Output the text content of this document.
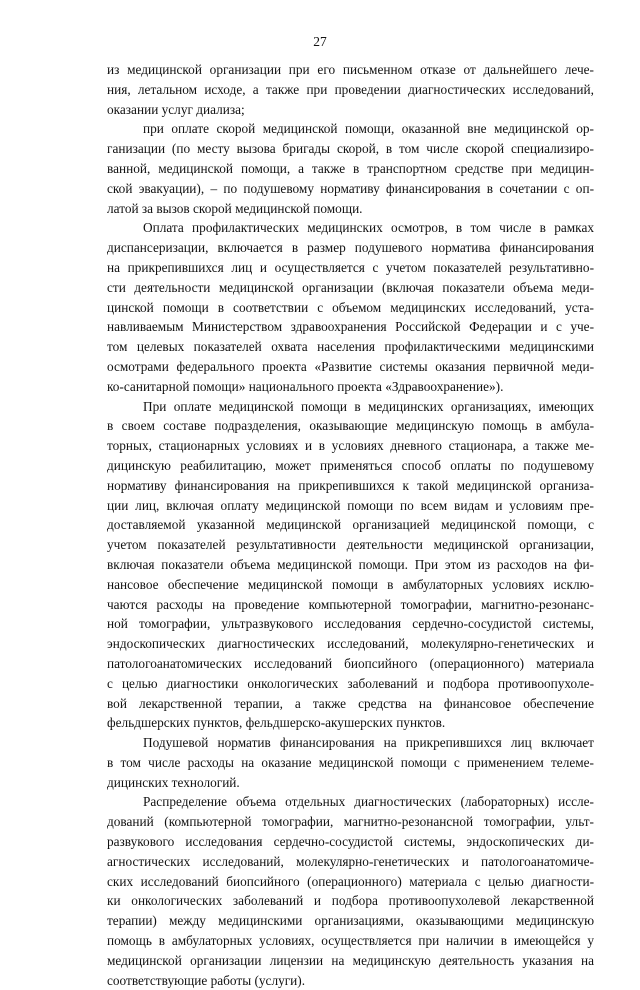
27
из медицинской организации при его письменном отказе от дальнейшего лече-
ния, летальном исходе, а также при проведении диагностических исследований,
оказании услуг диализа;
при оплате скорой медицинской помощи, оказанной вне медицинской ор-
ганизации (по месту вызова бригады скорой, в том числе скорой специализиро-
ванной, медицинской помощи, а также в транспортном средстве при медицин-
ской эвакуации), – по подушевому нормативу финансирования в сочетании с оп-
латой за вызов скорой медицинской помощи.
Оплата профилактических медицинских осмотров, в том числе в рамках
диспансеризации, включается в размер подушевого норматива финансирования
на прикрепившихся лиц и осуществляется с учетом показателей результативно-
сти деятельности медицинской организации (включая показатели объема меди-
цинской помощи в соответствии с объемом медицинских исследований, уста-
навливаемым Министерством здравоохранения Российской Федерации и с уче-
том целевых показателей охвата населения профилактическими медицинскими
осмотрами федерального проекта «Развитие системы оказания первичной меди-
ко-санитарной помощи» национального проекта «Здравоохранение»).
При оплате медицинской помощи в медицинских организациях, имеющих
в своем составе подразделения, оказывающие медицинскую помощь в амбула-
торных, стационарных условиях и в условиях дневного стационара, а также ме-
дицинскую реабилитацию, может применяться способ оплаты по подушевому
нормативу финансирования на прикрепившихся к такой медицинской организа-
ции лиц, включая оплату медицинской помощи по всем видам и условиям пре-
доставляемой указанной медицинской организацией медицинской помощи, с
учетом показателей результативности деятельности медицинской организации,
включая показатели объема медицинской помощи. При этом из расходов на фи-
нансовое обеспечение медицинской помощи в амбулаторных условиях исклю-
чаются расходы на проведение компьютерной томографии, магнитно-резонанс-
ной томографии, ультразвукового исследования сердечно-сосудистой системы,
эндоскопических диагностических исследований, молекулярно-генетических и
патологоанатомических исследований биопсийного (операционного) материала
с целью диагностики онкологических заболеваний и подбора противоопухоле-
вой лекарственной терапии, а также средства на финансовое обеспечение
фельдшерских пунктов, фельдшерско-акушерских пунктов.
Подушевой норматив финансирования на прикрепившихся лиц включает
в том числе расходы на оказание медицинской помощи с применением телеме-
дицинских технологий.
Распределение объема отдельных диагностических (лабораторных) иссле-
дований (компьютерной томографии, магнитно-резонансной томографии, ульт-
развукового исследования сердечно-сосудистой системы, эндоскопических ди-
агностических исследований, молекулярно-генетических и патологоанатомиче-
ских исследований биопсийного (операционного) материала с целью диагности-
ки онкологических заболеваний и подбора противоопухолевой лекарственной
терапии) между медицинскими организациями, оказывающими медицинскую
помощь в амбулаторных условиях, осуществляется при наличии в имеющейся у
медицинской организации лицензии на медицинскую деятельность указания на
соответствующие работы (услуги).
